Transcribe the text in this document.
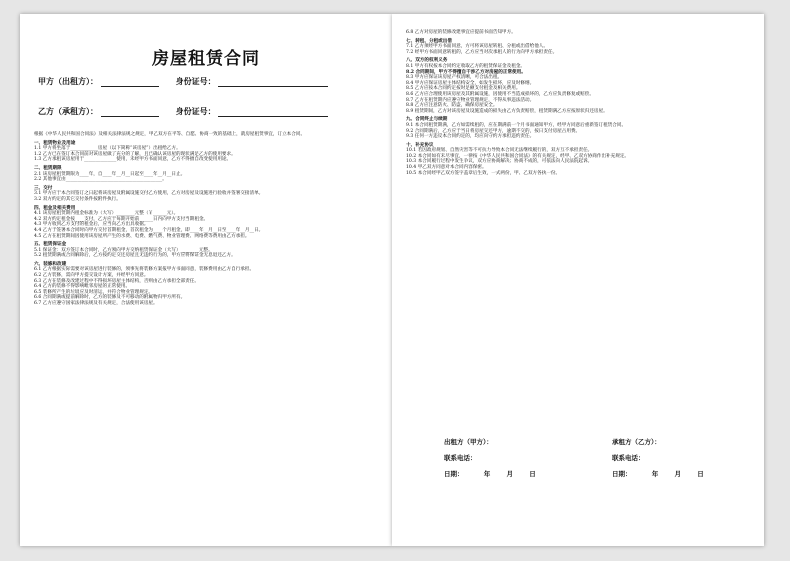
房屋租赁合同
甲方（出租方）：	身份证号：
乙方（承租方）：	身份证号：

根据《中华人民共和国合同法》及相关法律法规之规定，甲乙双方在平等、自愿、协商一致的基础上，就房屋租赁事宜，订立本合同。

一、租赁物业及用途

1.1 甲方将坐落于____________房屋（以下简称“该房屋”）出租给乙方。

1.2 乙方已在签订本合同前对该房屋做了充分的了解，且已确认该房屋的现状满足乙方的使用要求。

1.3 乙方承租该房屋用于______________使用，未经甲方书面同意，乙方不得擅自改变使用用途。

二、租赁期限

2.1 该房屋租赁期限为____年，自____年__月__日起至____年__月__日止。

2.2 其他事宜由__________________________________________。

三、交付

3.1 甲方应于本合同签订之日起将该房屋及附属设施交付乙方使用，乙方对房屋及设施进行验收并签署交接清单。

3.2 双方约定的其它交付条件按附件执行。

四、租金及相关费用

4.1 该房屋租赁期内租金标准为（大写）________元整（￥______元）。

4.2 双方约定租金按____支付，乙方应于每期开始前______日内向甲方支付当期租金。

4.3 甲方收到乙方支付的租金后，应当向乙方出具收据。

4.4 乙方于签署本合同时向甲方交付首期租金，首次租金为____个月租金，即____年__月__日至____年__月__日。

4.5 乙方在租赁期间因使用该房屋所产生的水费、电费、燃气费、物业管理费、网络费等费用由乙方承担。

五、租赁保证金

5.1 保证金：双方签订本合同时，乙方须向甲方交纳租赁保证金（大写）________元整。

5.2 租赁期满或合同解除后，乙方按约定交还房屋且无违约行为的，甲方应将保证金无息退还乙方。

六、装修和改建

6.1 乙方根据实际需要对该房屋进行装修的，须事先将装修方案报甲方书面同意，装修费用由乙方自行承担。

6.2 乙方装修，需向甲方提交设计方案，并经甲方同意。

6.3 乙方在装修及改建过程中不得损坏房屋主体结构，否则由乙方承担全部责任。

6.4 乙方的装修不得影响毗邻房屋的正常使用。

6.5 装修所产生的垃圾应及时清运，并符合物业管理规定。

6.6 合同期满或提前解除时，乙方的装修及不可移动的附属物归甲方所有。

6.7 乙方应遵守国家法律法规及有关规定，合法使用该房屋。

6.8 乙方对房屋的装修改建事宜应提前书面告知甲方。

七、转租、分租或出借

7.1 乙方须经甲方书面同意，方可将该房屋转租、分租或出借给他人。

7.2 经甲方书面同意转租的，乙方应当对次承租人的行为向甲方承担责任。

八、双方的权利义务

8.1 甲方有权按本合同约定收取乙方的租赁保证金及租金。

8.2 合同期间，甲方不得擅自干涉乙方对房屋的正常使用。

8.3 甲方应保证该房屋产权清晰，可合法出租。

8.4 甲方应保证房屋主体结构安全，如发生损坏，应及时修缮。

8.5 乙方应按本合同约定按时足额支付租金及相关费用。

8.6 乙方应合理使用该房屋及其附属设施，因使用不当造成损坏的，乙方应负责修复或赔偿。

8.7 乙方在租赁期内应遵守物业管理规定，不得从事违法活动。

8.8 乙方应注意防火、防盗，确保房屋安全。

8.9 租赁期间，乙方对该房屋及设施造成的损失由乙方负责赔偿，租赁期满乙方应按原状归还房屋。

九、合同终止与续期

9.1 本合同租赁期满，乙方如需续租的，应在期满前一个月书面通知甲方，经甲方同意后重新签订租赁合同。

9.2 合同期满后，乙方应于当日将房屋交还甲方，逾期不交的，按日支付房屋占用费。

9.3 任何一方违反本合同约定的，均应向守约方承担违约责任。

十、补充协议

10.1 若因政府规划、自然灾害等不可抗力导致本合同无法继续履行的，双方互不承担责任。

10.2 本合同如有未尽事宜，一律按《中华人民共和国合同法》的有关规定，经甲、乙双方协商作出补充规定。

10.3 本合同履行过程中发生争议，双方应协商解决；协商不成的，可依法向人民法院起诉。

10.4 甲乙双方同意对本合同内容保密。

10.5 本合同经甲乙双方签字盖章后生效，一式两份，甲、乙双方各执一份。

出租方（甲方）：
联系电话：
日期：	年	月	日
承租方（乙方）：
联系电话：
日期：	年	月	日
